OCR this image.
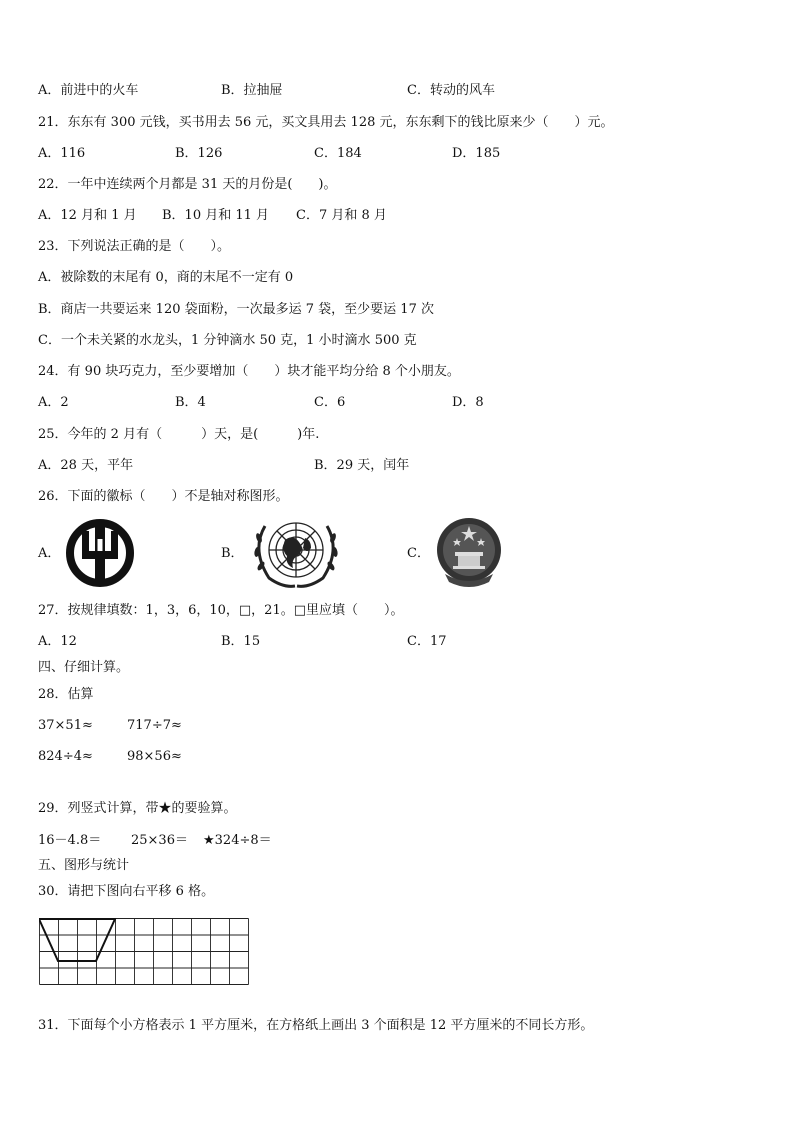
A．前进中的火车	B．拉抽屉	C．转动的风车
21．东东有 300 元钱，买书用去 56 元，买文具用去 128 元，东东剩下的钱比原来少（　　）元。
A．116	B．126	C．184	D．185
22．一年中连续两个月都是 31 天的月份是(　　)。
A．12 月和 1 月 B．10 月和 11 月 C．7 月和 8 月
23．下列说法正确的是（　　）。
A．被除数的末尾有 0，商的末尾不一定有 0
B．商店一共要运来 120 袋面粉，一次最多运 7 袋，至少要运 17 次
C．一个未关紧的水龙头，1 分钟滴水 50 克，1 小时滴水 500 克
24．有 90 块巧克力，至少要增加（　　）块才能平均分给 8 个小朋友。
A．2	B．4	C．6	D．8
25．今年的 2 月有（　　　）天，是(　　　)年.
A．28 天，平年	B．29 天，闰年
26．下面的徽标（　　）不是轴对称图形。
A．	B．	C．
27．按规律填数：1，3，6，10，□，21。□里应填（　　）。
A．12	B．15	C．17
四、仔细计算。
28．估算
37×51≈	717÷7≈
824÷4≈	98×56≈
29．列竖式计算，带★的要验算。
16－4.8＝ 25×36＝ ★324÷8＝
五、图形与统计
30．请把下图向右平移 6 格。
31．下面每个小方格表示 1 平方厘米，在方格纸上画出 3 个面积是 12 平方厘米的不同长方形。
